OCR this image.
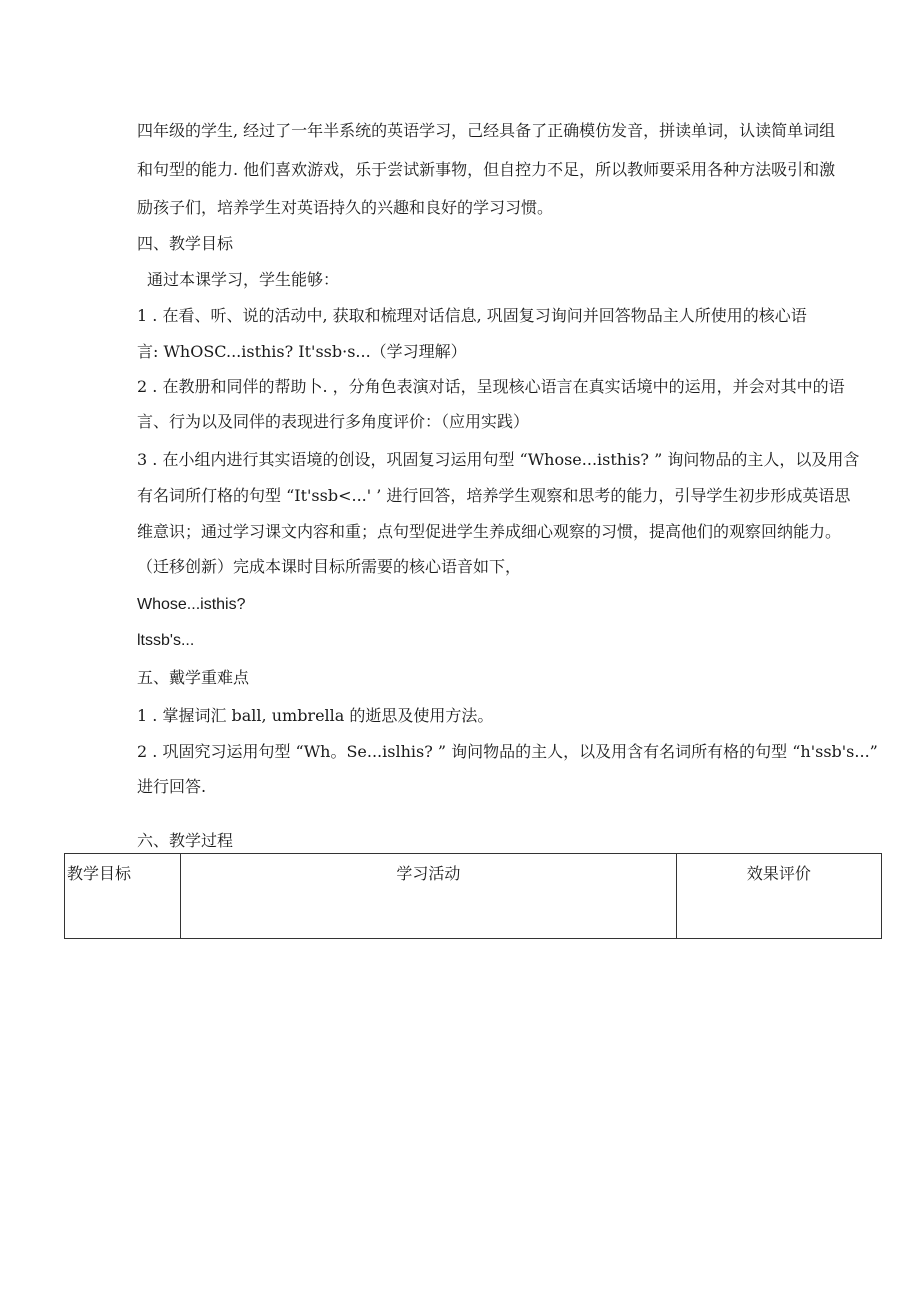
四年级的学生, 经过了一年半系统的英语学习，己经具备了正确模仿发音，拼读单词，认读简单词组
和句型的能力. 他们喜欢游戏，乐于尝试新事物，但自控力不足，所以教师要采用各种方法吸引和激
励孩子们，培养学生对英语持久的兴趣和良好的学习习惯。
四、教学目标
通过本课学习，学生能够：
1 . 在看、听、说的活动中, 获取和梳理对话信息, 巩固复习询问并回答物品主人所使用的核心语
言: WhOSC...isthis? It'ssb·s...（学习理解）
2 . 在教册和同伴的帮助卜. ，分角色表演对话，呈现核心语言在真实话境中的运用，并会对其中的语
言、行为以及同伴的表现进行多角度评价：（应用实践）
3 . 在小组内进行其实语境的创设，巩固复习运用句型 “Whose...isthis? ” 询问物品的主人，以及用含
有名词所仃格的句型 “It'ssb<...' ’ 进行回答，培养学生观察和思考的能力，引导学生初步形成英语思
维意识；通过学习课文内容和重；点句型促进学生养成细心观察的习惯，提高他们的观察回纳能力。
（迁移创新）完成本课时目标所需要的核心语音如下，
Whose...isthis?
ltssb's...
五、戴学重难点
1 . 掌握词汇 ball, umbrella 的逝思及使用方法。
2 . 巩固究习运用句型 “Wh。Se...islhis? ” 询问物品的主人，以及用含有名词所有格的句型 “h'ssb's...”
进行回答.
六、教学过程
教学目标	学习活动	效果评价
